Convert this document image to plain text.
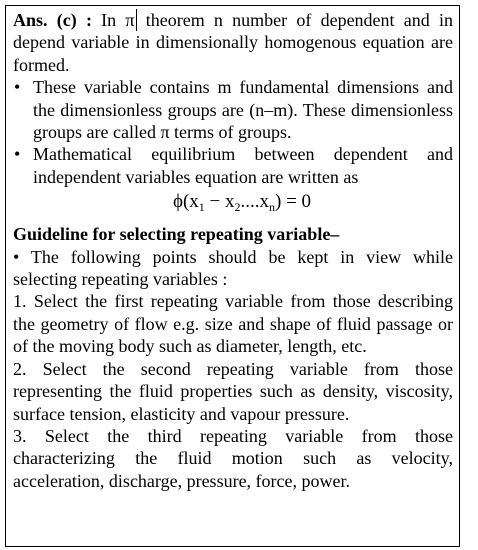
Ans. (c) : In π theorem n number of dependent and in depend variable in dimensionally homogenous equation are formed.

• These variable contains m fundamental dimensions and the dimensionless groups are (n–m). These dimensionless groups are called π terms of groups.
• Mathematical equilibrium between dependent and independent variables equation are written as
$\phi(x_1 - x_2....x_n) = 0$

Guideline for selecting repeating variable–

• The following points should be kept in view while selecting repeating variables :

1. Select the first repeating variable from those describing the geometry of flow e.g. size and shape of fluid passage or of the moving body such as diameter, length, etc.

2. Select the second repeating variable from those representing the fluid properties such as density, viscosity, surface tension, elasticity and vapour pressure.

3. Select the third repeating variable from those characterizing the fluid motion such as velocity, acceleration, discharge, pressure, force, power.
